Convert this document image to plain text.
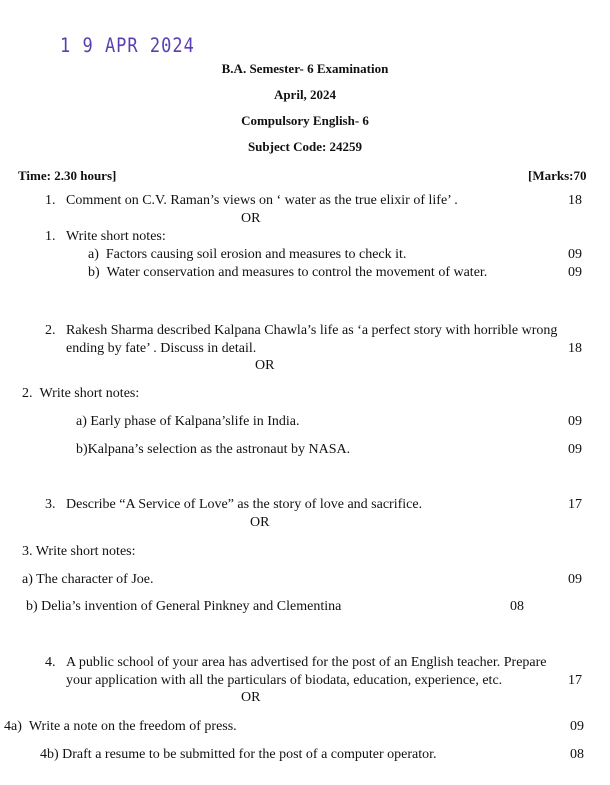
1 9 APR 2024
B.A. Semester- 6 Examination
April, 2024
Compulsory English- 6
Subject Code: 24259
Time: 2.30 hours]	[Marks:70
1. Comment on C.V. Raman’s views on ‘ water as the true elixir of life’ .	18
OR
1. Write short notes:
a)  Factors causing soil erosion and measures to check it.	09
b)  Water conservation and measures to control the movement of water.	09
2. Rakesh Sharma described Kalpana Chawla’s life as ‘a perfect story with horrible wrong
ending by fate’ . Discuss in detail.	18
OR
2.  Write short notes:
a) Early phase of Kalpana’slife in India.	09
b)Kalpana’s selection as the astronaut by NASA.	09
3. Describe “A Service of Love” as the story of love and sacrifice.	17
OR
3. Write short notes:
a) The character of Joe.	09
b) Delia’s invention of General Pinkney and Clementina	08
4. A public school of your area has advertised for the post of an English teacher. Prepare
your application with all the particulars of biodata, education, experience, etc.	17
OR
4a)  Write a note on the freedom of press.	09
4b) Draft a resume to be submitted for the post of a computer operator.	08
